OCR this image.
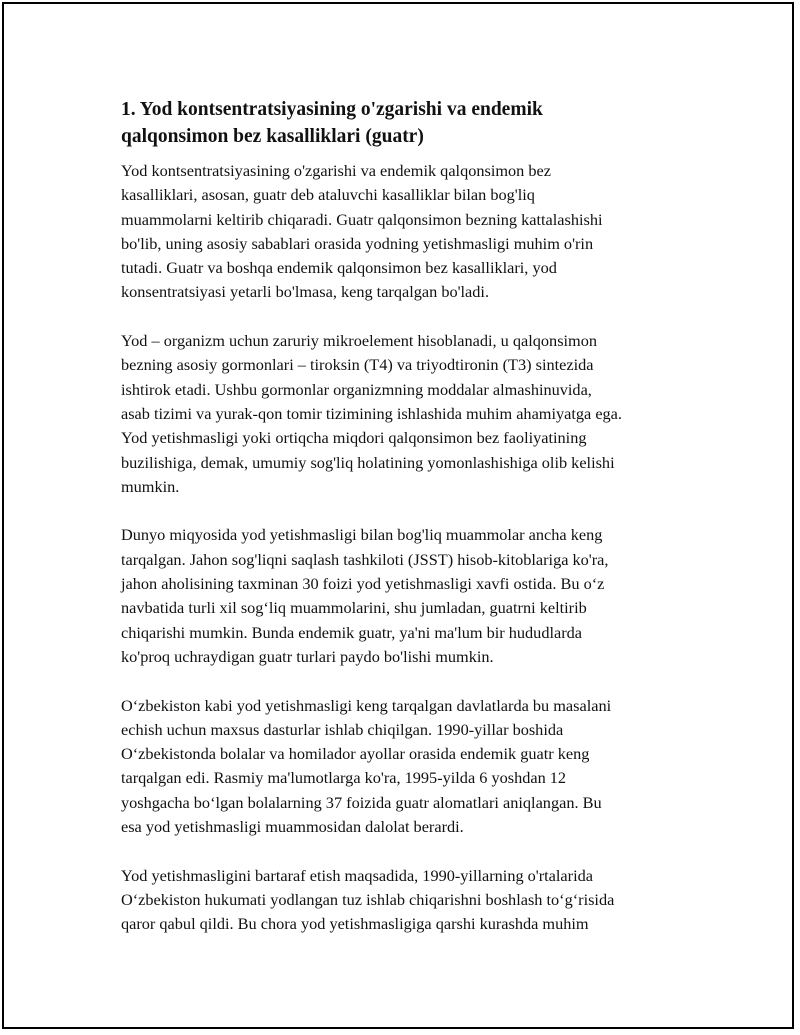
1. Yod kontsentratsiyasining o'zgarishi va endemik
qalqonsimon bez kasalliklari (guatr)

Yod kontsentratsiyasining o'zgarishi va endemik qalqonsimon bez
kasalliklari, asosan, guatr deb ataluvchi kasalliklar bilan bog'liq
muammolarni keltirib chiqaradi. Guatr qalqonsimon bezning kattalashishi
bo'lib, uning asosiy sabablari orasida yodning yetishmasligi muhim o'rin
tutadi. Guatr va boshqa endemik qalqonsimon bez kasalliklari, yod
konsentratsiyasi yetarli bo'lmasa, keng tarqalgan bo'ladi.

Yod – organizm uchun zaruriy mikroelement hisoblanadi, u qalqonsimon
bezning asosiy gormonlari – tiroksin (T4) va triyodtironin (T3) sintezida
ishtirok etadi. Ushbu gormonlar organizmning moddalar almashinuvida,
asab tizimi va yurak-qon tomir tizimining ishlashida muhim ahamiyatga ega.
Yod yetishmasligi yoki ortiqcha miqdori qalqonsimon bez faoliyatining
buzilishiga, demak, umumiy sog'liq holatining yomonlashishiga olib kelishi
mumkin.

Dunyo miqyosida yod yetishmasligi bilan bog'liq muammolar ancha keng
tarqalgan. Jahon sog'liqni saqlash tashkiloti (JSST) hisob-kitoblariga ko'ra,
jahon aholisining taxminan 30 foizi yod yetishmasligi xavfi ostida. Bu o‘z
navbatida turli xil sog‘liq muammolarini, shu jumladan, guatrni keltirib
chiqarishi mumkin. Bunda endemik guatr, ya'ni ma'lum bir hududlarda
ko'proq uchraydigan guatr turlari paydo bo'lishi mumkin.

O‘zbekiston kabi yod yetishmasligi keng tarqalgan davlatlarda bu masalani
echish uchun maxsus dasturlar ishlab chiqilgan. 1990-yillar boshida
O‘zbekistonda bolalar va homilador ayollar orasida endemik guatr keng
tarqalgan edi. Rasmiy ma'lumotlarga ko'ra, 1995-yilda 6 yoshdan 12
yoshgacha bo‘lgan bolalarning 37 foizida guatr alomatlari aniqlangan. Bu
esa yod yetishmasligi muammosidan dalolat berardi.

Yod yetishmasligini bartaraf etish maqsadida, 1990-yillarning o'rtalarida
O‘zbekiston hukumati yodlangan tuz ishlab chiqarishni boshlash to‘g‘risida
qaror qabul qildi. Bu chora yod yetishmasligiga qarshi kurashda muhim
